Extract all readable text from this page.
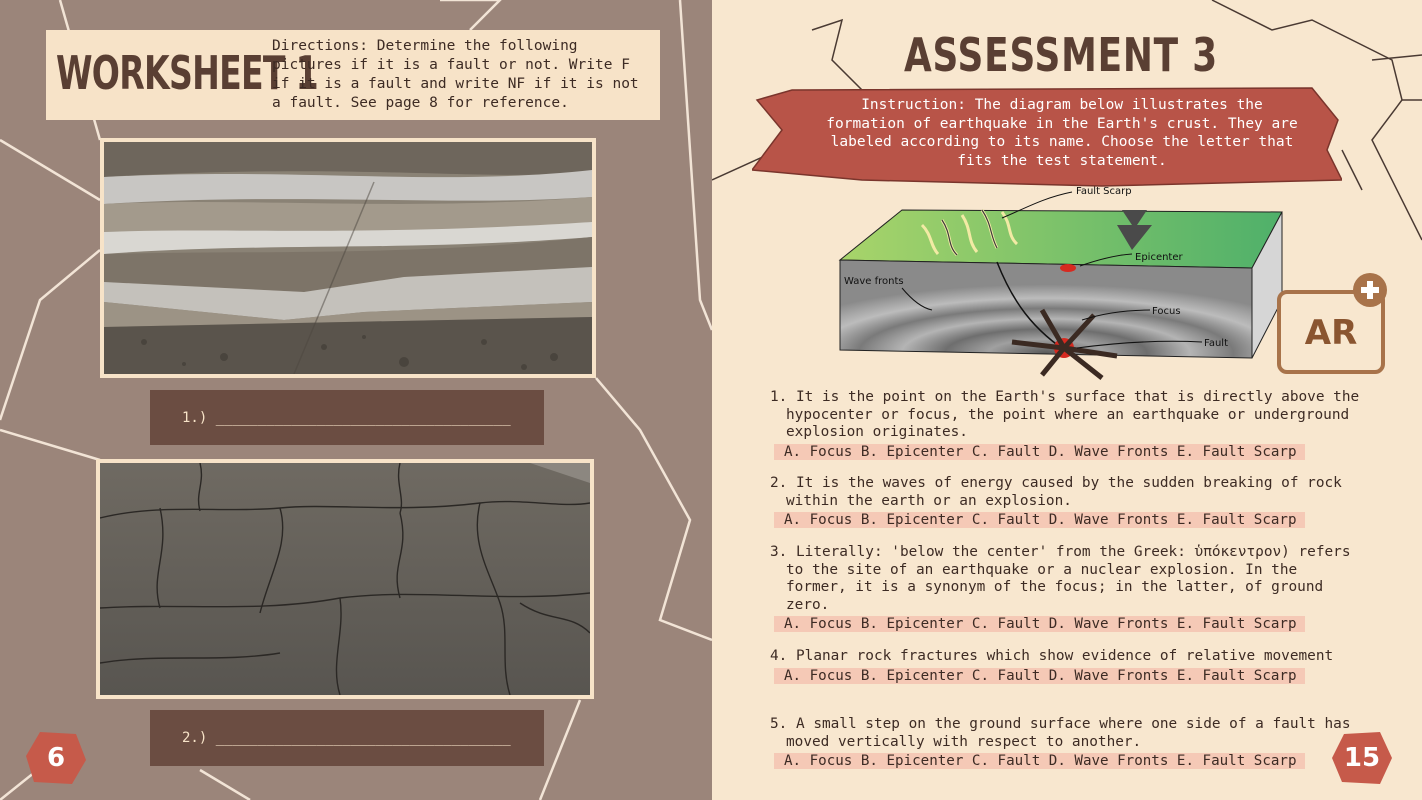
WORKSHEET 1
Directions: Determine the following pictures if it is a fault or not. Write F if it is a fault and write NF if it is not a fault. See page 8 for reference.
1.) ___________________________________
2.) ___________________________________
6
ASSESSMENT 3
Instruction: The diagram below illustrates the formation of earthquake in the Earth's crust. They are labeled according to its name. Choose the letter that fits the test statement.
Fault Scarp
Epicenter
Wave fronts
Focus
Fault AR
1. It is the point on the Earth's surface that is directly above the hypocenter or focus, the point where an earthquake or underground explosion originates.
A. Focus B. Epicenter C. Fault D. Wave Fronts E. Fault Scarp
2. It is the waves of energy caused by the sudden breaking of rock within the earth or an explosion.
A. Focus B. Epicenter C. Fault D. Wave Fronts E. Fault Scarp
3. Literally: 'below the center' from the Greek: ὑπόκεντρον) refers to the site of an earthquake or a nuclear explosion. In the former, it is a synonym of the focus; in the latter, of ground zero.
A. Focus B. Epicenter C. Fault D. Wave Fronts E. Fault Scarp
4. Planar rock fractures which show evidence of relative movement
A. Focus B. Epicenter C. Fault D. Wave Fronts E. Fault Scarp
5. A small step on the ground surface where one side of a fault has moved vertically with respect to another.
A. Focus B. Epicenter C. Fault D. Wave Fronts E. Fault Scarp	15
